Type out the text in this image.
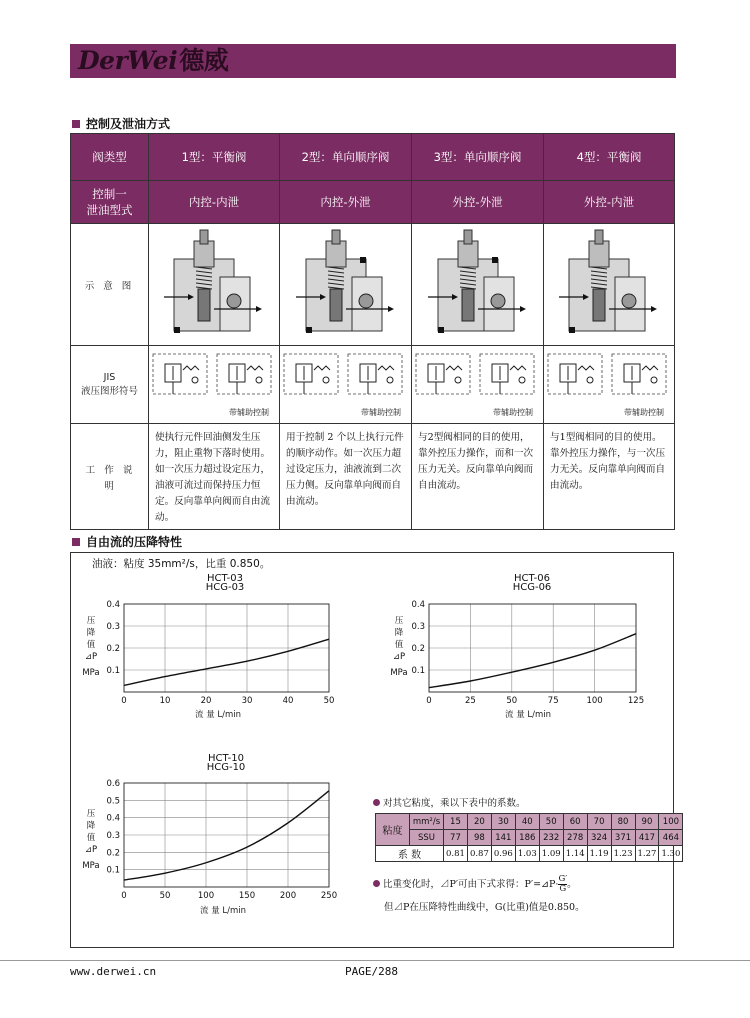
DerWei德威
控制及泄油方式
阀类型	1型：平衡阀	2型：单向顺序阀	3型：单向顺序阀	4型：平衡阀
控制一
泄油型式	内控-内泄	内控-外泄	外控-外泄	外控-内泄
示 意 图				
JIS
液压图形符号	带辅助控制	带辅助控制	带辅助控制	带辅助控制

工 作 说 明	使执行元件回油侧发生压力，阻止重物下落时使用。如一次压力超过设定压力，油液可流过而保持压力恒定。反向靠单向阀而自由流动。	用于控制 2 个以上执行元件的顺序动作。如一次压力超过设定压力，油液流到二次压力侧。反向靠单向阀而自由流动。	与2型阀相同的目的使用，靠外控压力操作，而和一次压力无关。反向靠单向阀而自由流动。	与1型阀相同的目的使用。靠外控压力操作，与一次压力无关。反向靠单向阀而自由流动。
自由流的压降特性
油液：粘度 35mm²/s，比重 0.850。
HCT-03
HCG-03
压
降
值
⊿P
MPa
0	10	20	30	40	50
0.1
0.2
0.3
0.4
流 量 L/min
HCT-06
HCG-06
压
降
值
⊿P
MPa
0	25	50	75	100	125
0.1
0.2
0.3
0.4
流 量 L/min
HCT-10
HCG-10
压
降
值
⊿P
MPa
0	50	100	150	200	250
0.1
0.2
0.3
0.4
0.5
0.6
流 量 L/min
对其它粘度，乘以下表中的系数。
粘度	mm²/s	15	20	30	40	50	60	70	80	90	100
	SSU	77	98	141	186	232	278	324	371	417	464
系 数		0.81	0.87	0.96	1.03	1.09	1.14	1.19	1.23	1.27	1.30
比重变化时，⊿P′可由下式求得：P′=⊿P· $\frac{G'}{G}$ 。
但⊿P在压降特性曲线中，G(比重)值是0.850。
www.derwei.cn	PAGE/288
